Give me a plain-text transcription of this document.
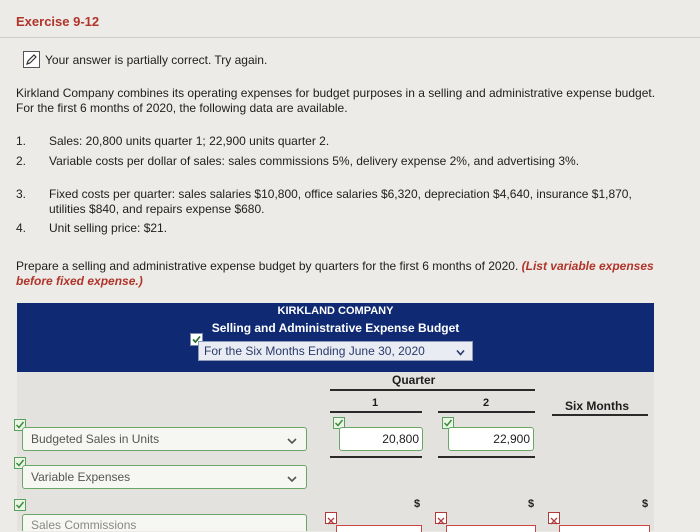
Exercise 9-12
Your answer is partially correct. Try again.
Kirkland Company combines its operating expenses for budget purposes in a selling and administrative expense budget. For the first 6 months of 2020, the following data are available.
1. Sales: 20,800 units quarter 1; 22,900 units quarter 2.
2. Variable costs per dollar of sales: sales commissions 5%, delivery expense 2%, and advertising 3%.
3. Fixed costs per quarter: sales salaries $10,800, office salaries $6,320, depreciation $4,640, insurance $1,870, utilities $840, and repairs expense $680.
4. Unit selling price: $21.
Prepare a selling and administrative expense budget by quarters for the first 6 months of 2020. (List variable expenses before fixed expense.)
KIRKLAND COMPANY
Selling and Administrative Expense Budget
For the Six Months Ending June 30, 2020
Quarter
1	2	Six Months
Budgeted Sales in Units	20,800	22,900
Variable Expenses
Sales Commissions
$	$	$
